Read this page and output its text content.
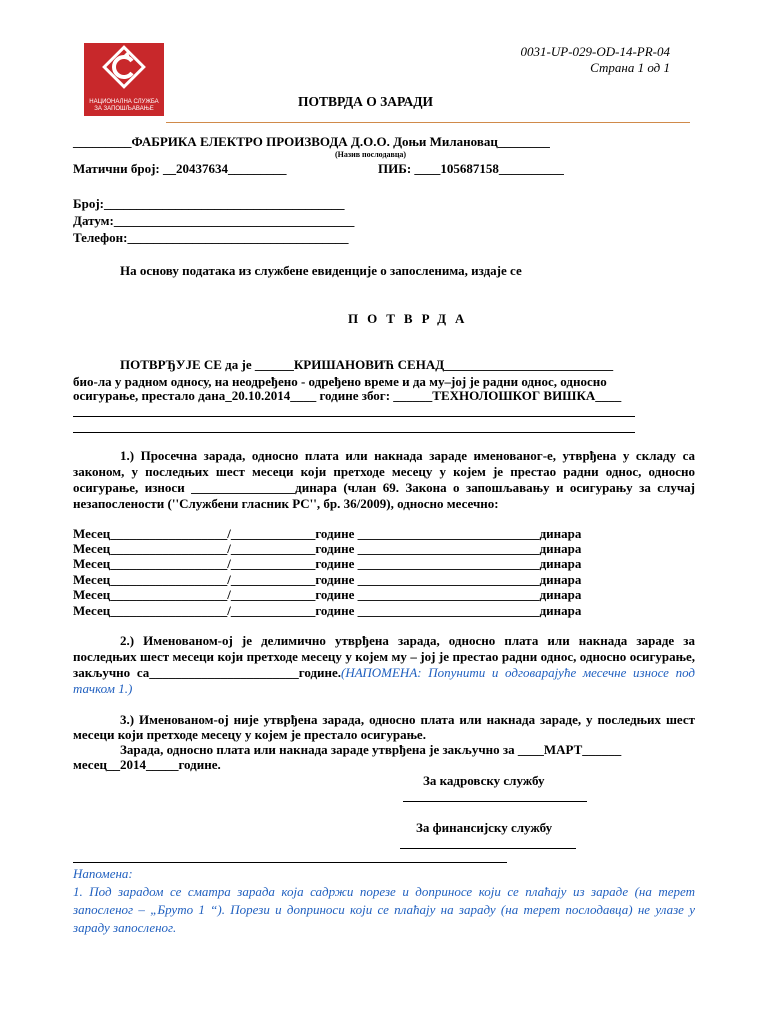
НАЦИОНАЛНА СЛУЖБА
ЗА ЗАПОШЉАВАЊЕ
0031-UP-029-OD-14-PR-04
Страна 1 од 1
ПОТВРДА О ЗАРАДИ
_________ФАБРИКА ЕЛЕКТРО ПРОИЗВОДА Д.О.О. Доњи Милановац________
(Назив послодавца)
Матични број: __20437634_________	ПИБ: ____105687158__________
Број:_____________________________________
Датум:_____________________________________
Телефон:__________________________________
На основу података из службене евиденције о запосленима, издаје се
ПОТВРДА
ПОТВРЂУЈЕ СЕ да је ______КРИШАНОВИЋ СЕНАД__________________________
био-ла у радном односу, на неодређено - одређено време и да му–јој је радни однос, односно
осигурање, престало дана_20.10.2014____ године због: ______ТЕХНОЛОШКОГ ВИШКА____
1.) Просечна зарада, односно плата или накнада зараде именованог-е, утврђена у складу са законом, у последњих шест месеци који претходе месецу у којем је престао радни однос, односно осигурање, износи ________________динара (члан 69. Закона о запошљавању и осигурању за случај незапослености (''Службени гласник РС'', бр. 36/2009), односно месечно:
Месец__________________/_____________године ____________________________динара
Месец__________________/_____________године ____________________________динара
Месец__________________/_____________године ____________________________динара
Месец__________________/_____________године ____________________________динара
Месец__________________/_____________године ____________________________динара
Месец__________________/_____________године ____________________________динара
2.) Именованом-ој је делимично утврђена зарада, односно плата или накнада зараде за последњих шест месеци који претходе месецу у којем му – јој је престао радни однос, односно осигурање, закључно са_______________________године.(НАПОМЕНА: Попунити и одговарајуће месечне износе под тачком 1.)
3.) Именованом-ој није утврђена зарада, односно плата или накнада зараде, у последњих шест месеци који претходе месецу у којем је престало осигурање.
Зарада, односно плата или накнада зараде утврђена је закључно за ____МАРТ______
месец__2014_____године.
За кадровску службу
За финансијску службу
Напомена:
1. Под зарадом се сматра зарада која садржи порезе и доприносе који се плаћају из зараде (на терет запосленог – „Бруто 1 “). Порези и доприноси који се плаћају на зараду (на терет послодавца) не улазе у зараду запосленог.
